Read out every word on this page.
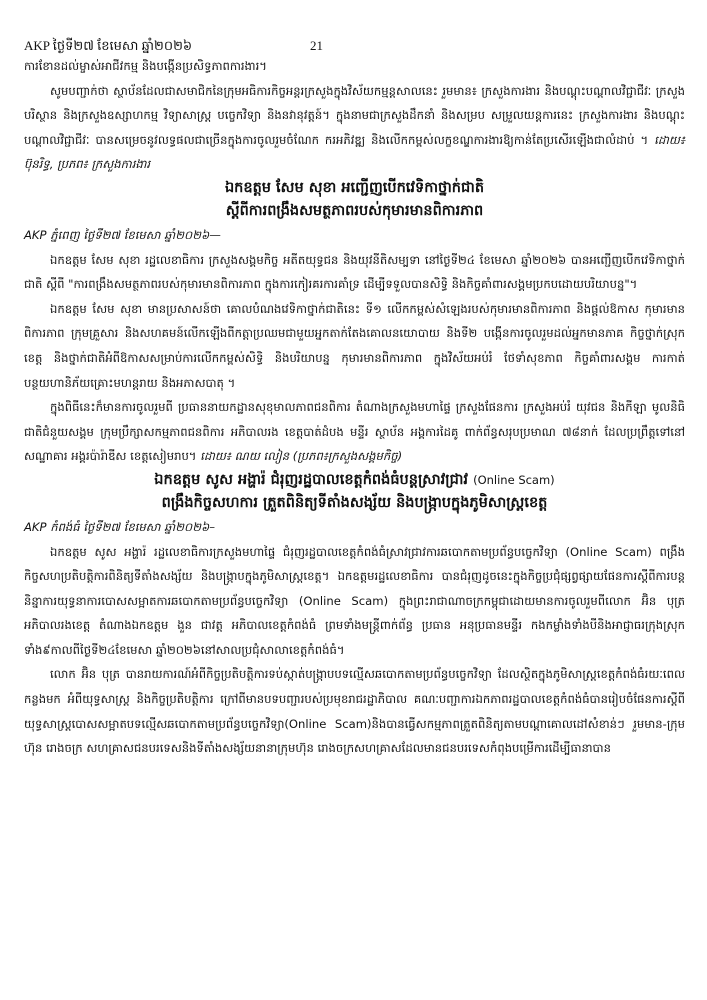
AKP ថ្ងៃទី២៧ ខែមេសា ឆ្នាំ២០២៦	21

ការខែានដល់ម្ចាស់អាជីវកម្ម និងបង្កើនប្រសិទ្ធភាពការងារ។

សូមបញ្ជាក់ថា ស្ថាប័នដែលជាសមាជិកនៃក្រុមអធិការកិច្ចអន្តរក្រសួងក្នុងវិស័យកម្មន្តសាលនេះ រួមមាន៖ ក្រសួងការងារ និងបណ្តុះបណ្តាលវិជ្ជាជីវៈ ក្រសួងបរិស្ថាន និងក្រសួងឧស្សាហកម្ម វិទ្យាសាស្ត្រ បច្ចេកវិទ្យា និងនវានុវត្តន៍។ ក្នុងនាមជាក្រសួងដឹកនាំ និងសម្រប សម្រួលយន្តការនេះ ក្រសួងការងារ និងបណ្តុះបណ្តាលវិជ្ជាជីវៈ បានសម្រេចនូវលទ្ធផលជាច្រើនក្នុងការចូលរួមចំណែក ករអភិវឌ្ឍ និងលើកកម្ពស់លក្ខខណ្ឌការងារឱ្យកាន់តែប្រសើរឡើងជាលំដាប់ ។ ដោយ៖ ប៊ុនរិទ្ធ, ប្រភព៖ ក្រសួងការងារ

ឯកឧត្តម សែម សុខា អញ្ជើញបើកវេទិកាថ្នាក់ជាតិ
ស្តីពីការពង្រឹងសមត្ថភាពរបស់កុមារមានពិការភាព

AKP ភ្នំពេញ ថ្ងៃទី២៧ ខែមេសា ឆ្នាំ២០២៦—

ឯកឧត្តម សែម សុខា រដ្ឋលេខាធិការ ក្រសួងសង្គមកិច្ច អតីតយុទ្ធជន និងយុវនីតិសម្បទា នៅថ្ងៃទី២៤ ខែមេសា ឆ្នាំ២០២៦ បានអញ្ជើញបើកវេទិកាថ្នាក់ជាតិ ស្តីពី "ការពង្រឹងសមត្ថភាពរបស់កុមារមានពិការភាព ក្នុងការកៀរគរការគាំទ្រ ដើម្បីទទួលបានសិទ្ធិ និងកិច្ចគាំពារសង្គមប្រកបដោយបរិយាបន្ន"។

ឯកឧត្តម សែម សុខា មានប្រសាសន៍ថា គោលបំណងវេទិកាថ្នាក់ជាតិនេះ ទី១ លើកកម្ពស់សំឡេងរបស់កុមារមានពិការភាព និងផ្តល់ឱកាស កុមារមានពិការភាព ក្រុមគ្រួសារ និងសហគមន៍លើកឡើងពីកត្តាប្រឈមជាមួយអ្នកតាក់តែងគោលនយោបាយ និងទី២ បង្កើនការចូលរួមដល់អ្នកមានភាគ កិច្ចថ្នាក់ស្រុក ខេត្ត និងថ្នាក់ជាតិអំពីឱកាសសម្រាប់ការលើកកម្ពស់សិទ្ធិ និងបរិយាបន្ន កុមារមានពិការភាព ក្នុងវិស័យអប់រំ ថែទាំសុខភាព កិច្ចគាំពារសង្គម ការកាត់បន្ថយហានិភ័យគ្រោះមហន្តរាយ និងអភាសបាតុ ។

ក្នុងពិធីនេះក៏មានការចូលរួមពី ប្រធាននាយកដ្ឋានសុខុមាលភាពជនពិការ តំណាងក្រសួងមហាផ្ទៃ ក្រសួងផែនការ ក្រសួងអប់រំ យុវជន និងកីឡា មូលនិធិជាតិជំនួយសង្គម ក្រុមប្រឹក្សាសកម្មភាពជនពិការ អភិបាលរង ខេត្តបាត់ដំបង មន្ទីរ ស្ថាប័ន អង្គការដៃគូ ពាក់ព័ន្ធសរុបប្រមាណ ៧៨នាក់ ដែលប្រព្រឹត្តទៅនៅសណ្ឋាគារ អង្គរប៉ារ៉ាឌីស ខេត្តសៀមរាប។ ដោយ៖ ណយ លៀន (ប្រភព៖ក្រសួងសង្គមកិច្ច)

ឯកឧត្តម សូស អង្ហារ៉ ជំរុញរដ្ឋបាលខេត្តកំពង់ធំបន្តស្រាវជ្រាវ (Online Scam)
ពង្រឹងកិច្ចសហការ ត្រួតពិនិត្យទីតាំងសង្ស័យ និងបង្ក្រាបក្នុងភូមិសាស្ត្រខេត្ត

AKP កំពង់ធំ ថ្ងៃទី២៧ ខែមេសា ឆ្នាំ២០២៦–

ឯកឧត្តម សូស អង្ហារ៉ រដ្ឋលេខាធិការក្រសួងមហាផ្ទៃ ជំរុញរដ្ឋបាលខេត្តកំពង់ធំស្រាវជ្រាវការឆបោកតាមប្រព័ន្ធបច្ចេកវិទ្យា (Online Scam) ពង្រឹងកិច្ចសហប្រតិបត្តិការពិនិត្យទីតាំងសង្ស័យ និងបង្ក្រាបក្នុងភូមិសាស្ត្រខេត្ត។ ឯកឧត្តមរដ្ឋលេខាធិការ បានជំរុញដូចនេះក្នុងកិច្ចប្រជុំផ្សព្វផ្សាយផែនការស្តីពីការបន្តនិន្នាការយុទ្ធនាការបោសសម្អាតការឆបោកតាមប្រព័ន្ធបច្ចេកវិទ្យា (Online Scam) ក្នុងព្រះរាជាណាចក្រកម្ពុជាដោយមានការចូលរួមពីលោក អ៊ិន បុត្រ អភិបាលរងខេត្ត តំណាងឯកឧត្តម ងួន ជាវត្ត អភិបាលខេត្តកំពង់ធំ ព្រមទាំងមន្ត្រីពាក់ព័ន្ធ ប្រធាន អនុប្រធានមន្ទីរ កងកម្លាំងទាំងបីនិងអាជ្ញាធរក្រុងស្រុកទាំង៩កាលពីថ្ងៃទី២៤ខែមេសា ឆ្នាំ២០២៦នៅសាលប្រជុំសាលាខេត្តកំពង់ធំ។

លោក អ៊ិន បុត្រ បានរាយការណ៍អំពីកិច្ចប្រតិបត្តិការទប់ស្កាត់បង្ក្រាបបទល្មើសឆបោកតាមប្រព័ន្ធបច្ចេកវិទ្យា ដែលស្ថិតក្នុងភូមិសាស្ត្រខេត្តកំពង់ធំរយៈពេលកន្លងមក អំពីយុទ្ធសាស្ត្រ និងកិច្ចប្រតិបត្តិការ ក្រៅពីមានបទបញ្ជារបស់ប្រមុខរាជរដ្ឋាភិបាល គណៈបញ្ជាការឯកភាពរដ្ឋបាលខេត្តកំពង់ធំបានរៀបចំផែនការស្តីពីយុទ្ធសាស្ត្របោសសម្អាតបទល្មើសឆបោកតាមប្រព័ន្ធបច្ចេកវិទ្យា(Online Scam)និងបានធ្វើសកម្មភាពត្រួតពិនិត្យតាមបណ្តាគោលដៅសំខាន់ៗ រួមមាន-ក្រុមហ៊ុន រោងចក្រ សហគ្រាសជនបរទេសនិងទីតាំងសង្ស័យនានាក្រុមហ៊ុន រោងចក្រសហគ្រាសដែលមានជនបរទេសកំពុងបម្រើការដើម្បីធានាបាន
